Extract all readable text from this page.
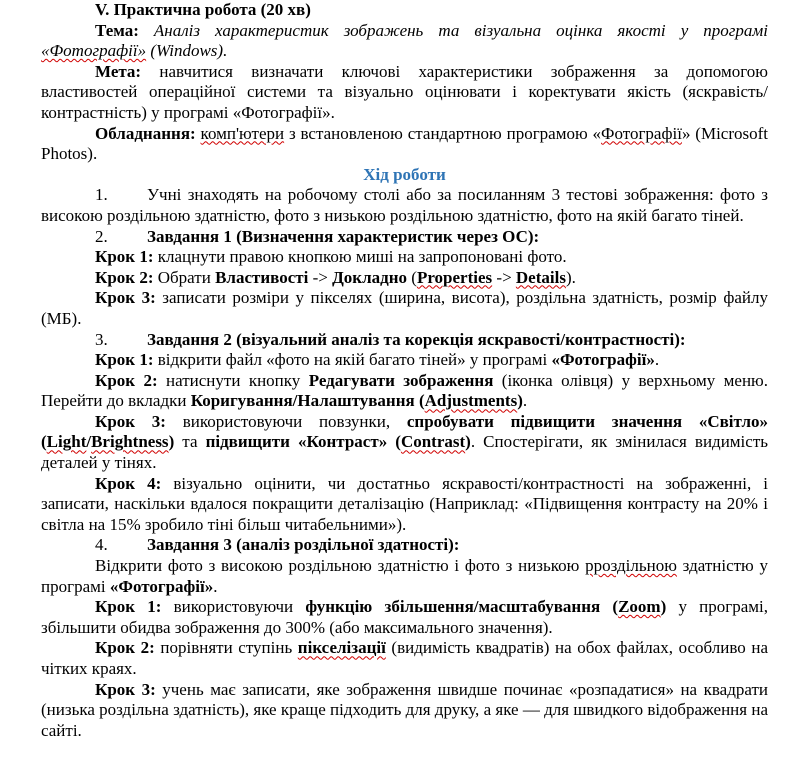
V. Практична робота (20 хв)

Тема: Аналіз характеристик зображень та візуальна оцінка якості у програмі «Фотографії» (Windows).

Мета: навчитися визначати ключові характеристики зображення за допомогою властивостей операційної системи та візуально оцінювати і коректувати якість (яскравість/контрастність) у програмі «Фотографії».

Обладнання: комп'ютери з встановленою стандартною програмою «Фотографії» (Microsoft Photos).

Хід роботи

1. Учні знаходять на робочому столі або за посиланням 3 тестові зображення: фото з високою роздільною здатністю, фото з низькою роздільною здатністю, фото на якій багато тіней.

2. Завдання 1 (Визначення характеристик через ОС):

Крок 1: клацнути правою кнопкою миші на запропоновані фото.

Крок 2: Обрати Властивості -> Докладно (Properties -> Details).

Крок 3: записати розміри у пікселях (ширина, висота), роздільна здатність, розмір файлу (МБ).

3. Завдання 2 (візуальний аналіз та корекція яскравості/контрастності):

Крок 1: відкрити файл «фото на якій багато тіней» у програмі «Фотографії».

Крок 2: натиснути кнопку Редагувати зображення (іконка олівця) у верхньому меню. Перейти до вкладки Коригування/Налаштування (Adjustments).

Крок 3: використовуючи повзунки, спробувати підвищити значення «Світло» (Light/Brightness) та підвищити «Контраст» (Contrast). Спостерігати, як змінилася видимість деталей у тінях.

Крок 4: візуально оцінити, чи достатньо яскравості/контрастності на зображенні, і записати, наскільки вдалося покращити деталізацію (Наприклад: «Підвищення контрасту на 20% і світла на 15% зробило тіні більш читабельними»).

4. Завдання 3 (аналіз роздільної здатності):

Відкрити фото з високою роздільною здатністю і фото з низькою рроздільною здатністю у програмі «Фотографії».

Крок 1: використовуючи функцію збільшення/масштабування (Zoom) у програмі, збільшити обидва зображення до 300% (або максимального значення).

Крок 2: порівняти ступінь пікселізації (видимість квадратів) на обох файлах, особливо на чітких краях.

Крок 3: учень має записати, яке зображення швидше починає «розпадатися» на квадрати (низька роздільна здатність), яке краще підходить для друку, а яке — для швидкого відображення на сайті.
